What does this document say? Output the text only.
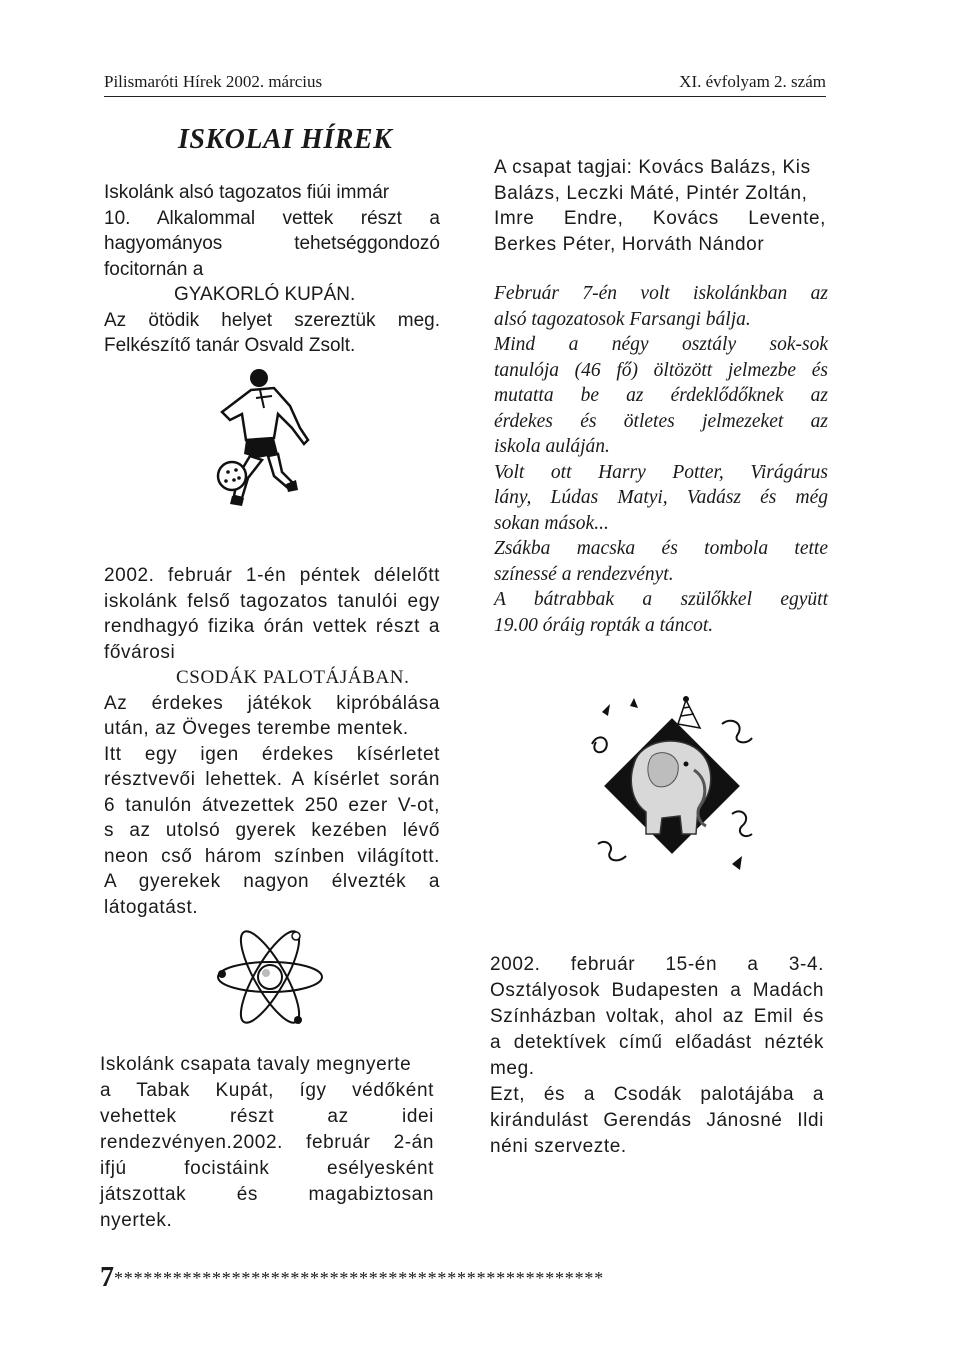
Pilismaróti Hírek 2002. március	XI. évfolyam 2. szám
ISKOLAI HÍREK
Iskolánk alsó tagozatos fiúi immár
10. Alkalommal vettek részt a
hagyományos tehetséggondozó
focitornán a
GYAKORLÓ KUPÁN.
Az ötödik helyet szereztük meg.
Felkészítő tanár Osvald Zsolt.
2002. február 1-én péntek délelőtt
iskolánk felső tagozatos tanulói egy
rendhagyó fizika órán vettek részt a
fővárosi
CSODÁK PALOTÁJÁBAN.
Az érdekes játékok kipróbálása
után, az Öveges terembe mentek.
Itt egy igen érdekes kísérletet
résztvevői lehettek. A kísérlet során
6 tanulón átvezettek 250 ezer V-ot,
s az utolsó gyerek kezében lévő
neon cső három színben világított.
A gyerekek nagyon élvezték a
látogatást.
Iskolánk csapata tavaly megnyerte
a Tabak Kupát, így védőként
vehettek részt az idei
rendezvényen.2002. február 2-án
ifjú focistáink esélyesként
játszottak és magabiztosan
nyertek.
A csapat tagjai: Kovács Balázs, Kis
Balázs, Leczki Máté, Pintér Zoltán,
Imre Endre, Kovács Levente,
Berkes Péter, Horváth Nándor
Február 7-én volt iskolánkban az
alsó tagozatosok Farsangi bálja.
Mind a négy osztály sok-sok
tanulója (46 fő) öltözött jelmezbe és
mutatta be az érdeklődőknek az
érdekes és ötletes jelmezeket az
iskola auláján.
Volt ott Harry Potter, Virágárus
lány, Lúdas Matyi, Vadász és még
sokan mások...
Zsákba macska és tombola tette
színessé a rendezvényt.
A bátrabbak a szülőkkel együtt
19.00 óráig ropták a táncot.
2002. február 15-én a 3-4.
Osztályosok Budapesten a Madách
Színházban voltak, ahol az Emil és
a detektívek című előadást nézték
meg.
Ezt, és a Csodák palotájába a
kirándulást Gerendás Jánosné Ildi
néni szervezte.
7**************************************************
